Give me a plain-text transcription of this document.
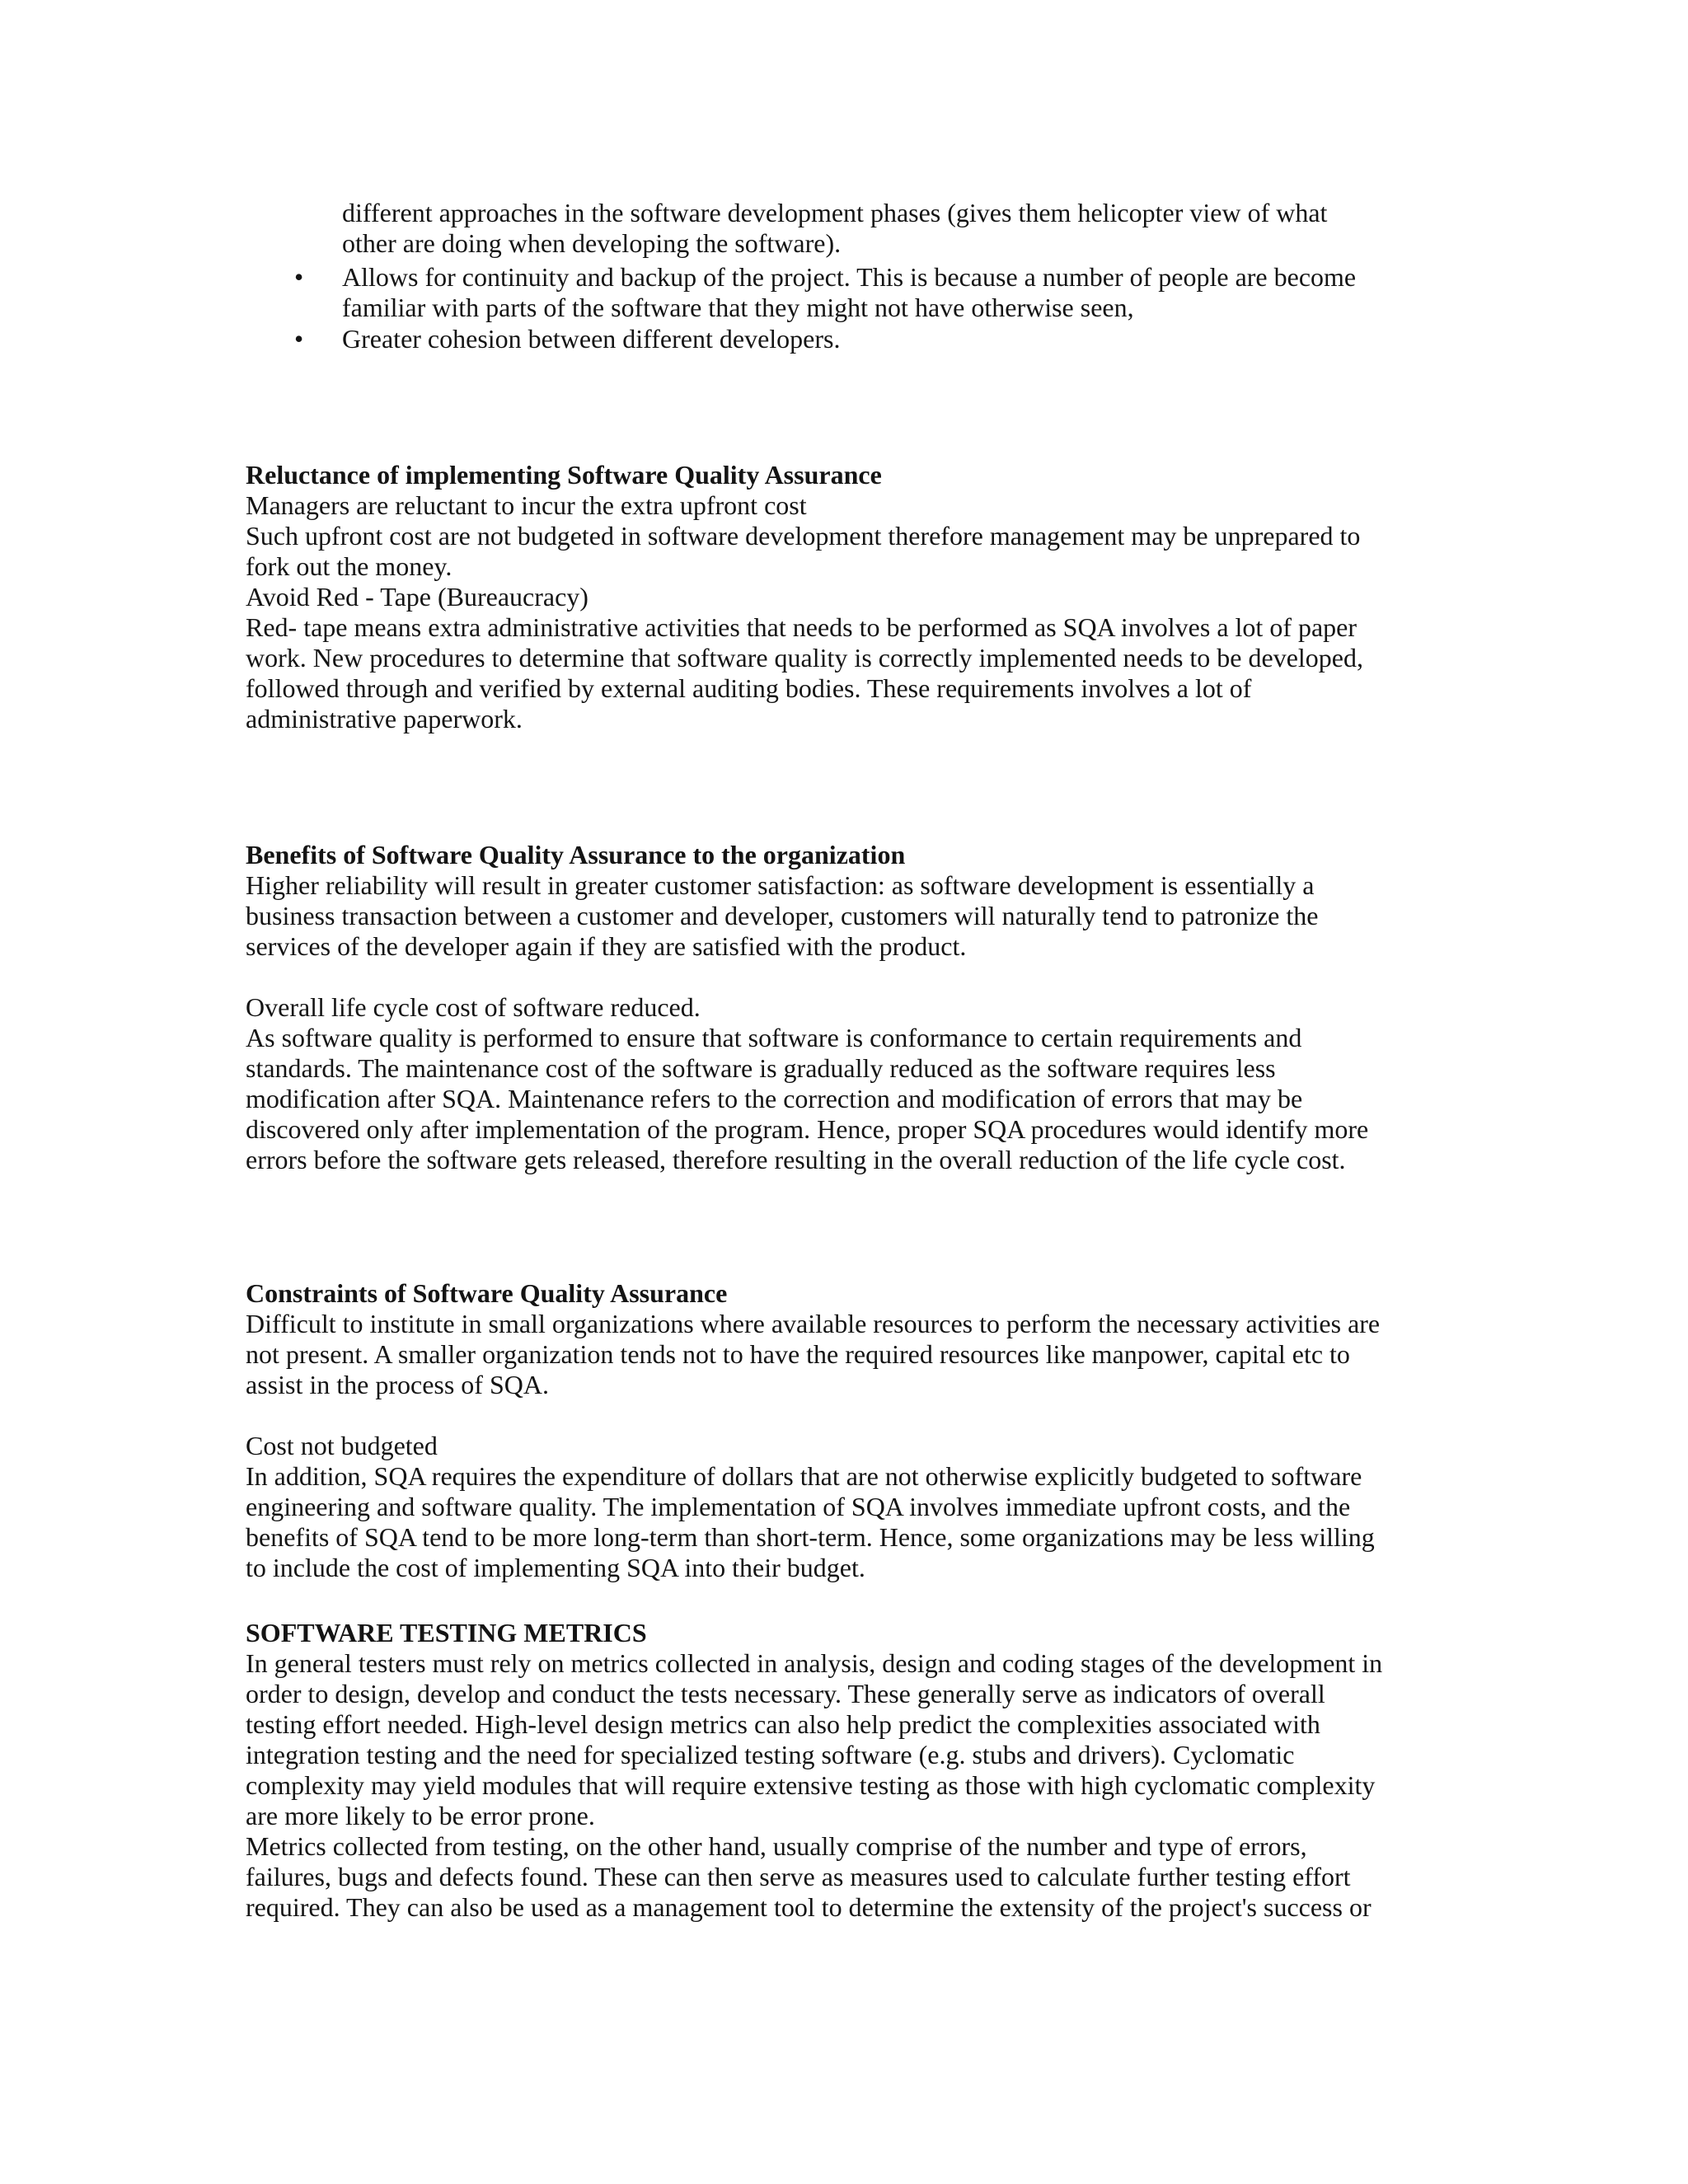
different approaches in the software development phases (gives them helicopter view of what
other are doing when developing the software).
• Allows for continuity and backup of the project. This is because a number of people are become
familiar with parts of the software that they might not have otherwise seen,
• Greater cohesion between different developers.
Reluctance of implementing Software Quality Assurance
Managers are reluctant to incur the extra upfront cost
Such upfront cost are not budgeted in software development therefore management may be unprepared to
fork out the money.
Avoid Red - Tape (Bureaucracy)
Red- tape means extra administrative activities that needs to be performed as SQA involves a lot of paper
work. New procedures to determine that software quality is correctly implemented needs to be developed,
followed through and verified by external auditing bodies. These requirements involves a lot of
administrative paperwork.
Benefits of Software Quality Assurance to the organization
Higher reliability will result in greater customer satisfaction: as software development is essentially a
business transaction between a customer and developer, customers will naturally tend to patronize the
services of the developer again if they are satisfied with the product.
Overall life cycle cost of software reduced.
As software quality is performed to ensure that software is conformance to certain requirements and
standards. The maintenance cost of the software is gradually reduced as the software requires less
modification after SQA. Maintenance refers to the correction and modification of errors that may be
discovered only after implementation of the program. Hence, proper SQA procedures would identify more
errors before the software gets released, therefore resulting in the overall reduction of the life cycle cost.
Constraints of Software Quality Assurance
Difficult to institute in small organizations where available resources to perform the necessary activities are
not present. A smaller organization tends not to have the required resources like manpower, capital etc to
assist in the process of SQA.
Cost not budgeted
In addition, SQA requires the expenditure of dollars that are not otherwise explicitly budgeted to software
engineering and software quality. The implementation of SQA involves immediate upfront costs, and the
benefits of SQA tend to be more long-term than short-term. Hence, some organizations may be less willing
to include the cost of implementing SQA into their budget.
SOFTWARE TESTING METRICS
In general testers must rely on metrics collected in analysis, design and coding stages of the development in
order to design, develop and conduct the tests necessary. These generally serve as indicators of overall
testing effort needed. High-level design metrics can also help predict the complexities associated with
integration testing and the need for specialized testing software (e.g. stubs and drivers). Cyclomatic
complexity may yield modules that will require extensive testing as those with high cyclomatic complexity
are more likely to be error prone.
Metrics collected from testing, on the other hand, usually comprise of the number and type of errors,
failures, bugs and defects found. These can then serve as measures used to calculate further testing effort
required. They can also be used as a management tool to determine the extensity of the project's success or
